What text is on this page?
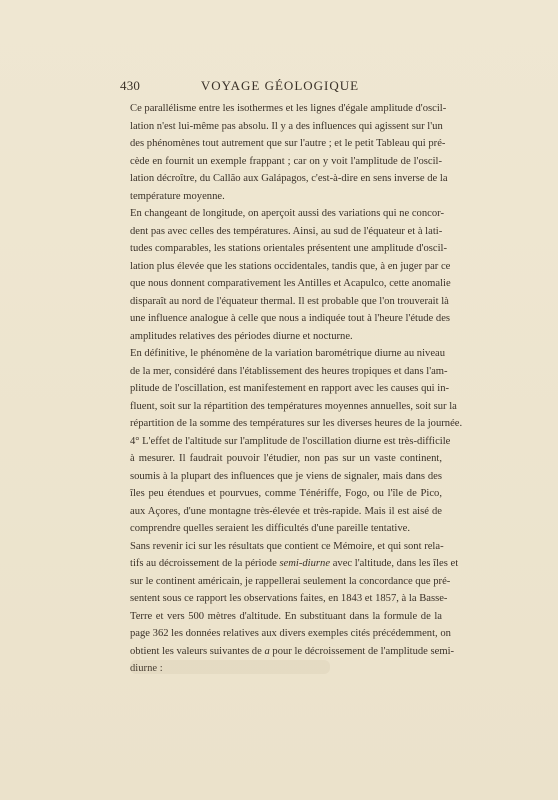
430	VOYAGE GÉOLOGIQUE

Ce parallélisme entre les isothermes et les lignes d'égale amplitude d'oscil-
lation n'est lui-même pas absolu. Il y a des influences qui agissent sur l'un
des phénomènes tout autrement que sur l'autre ; et le petit Tableau qui pré-
cède en fournit un exemple frappant ; car on y voit l'amplitude de l'oscil-
lation décroître, du Callão aux Galápagos, c'est-à-dire en sens inverse de la
température moyenne.

En changeant de longitude, on aperçoit aussi des variations qui ne concor-
dent pas avec celles des températures. Ainsi, au sud de l'équateur et à lati-
tudes comparables, les stations orientales présentent une amplitude d'oscil-
lation plus élevée que les stations occidentales, tandis que, à en juger par ce
que nous donnent comparativement les Antilles et Acapulco, cette anomalie
disparaît au nord de l'équateur thermal. Il est probable que l'on trouverait là
une influence analogue à celle que nous a indiquée tout à l'heure l'étude des
amplitudes relatives des périodes diurne et nocturne.

En définitive, le phénomène de la variation barométrique diurne au niveau
de la mer, considéré dans l'établissement des heures tropiques et dans l'am-
plitude de l'oscillation, est manifestement en rapport avec les causes qui in-
fluent, soit sur la répartition des températures moyennes annuelles, soit sur la
répartition de la somme des températures sur les diverses heures de la journée.

4° L'effet de l'altitude sur l'amplitude de l'oscillation diurne est très-difficile
à mesurer. Il faudrait pouvoir l'étudier, non pas sur un vaste continent,
soumis à la plupart des influences que je viens de signaler, mais dans des
îles peu étendues et pourvues, comme Ténériffe, Fogo, ou l'île de Pico,
aux Açores, d'une montagne très-élevée et très-rapide. Mais il est aisé de
comprendre quelles seraient les difficultés d'une pareille tentative.

Sans revenir ici sur les résultats que contient ce Mémoire, et qui sont rela-
tifs au décroissement de la période semi-diurne avec l'altitude, dans les îles et
sur le continent américain, je rappellerai seulement la concordance que pré-
sentent sous ce rapport les observations faites, en 1843 et 1857, à la Basse-
Terre et vers 500 mètres d'altitude. En substituant dans la formule de la
page 362 les données relatives aux divers exemples cités précédemment, on
obtient les valeurs suivantes de a pour le décroissement de l'amplitude semi-
diurne :
